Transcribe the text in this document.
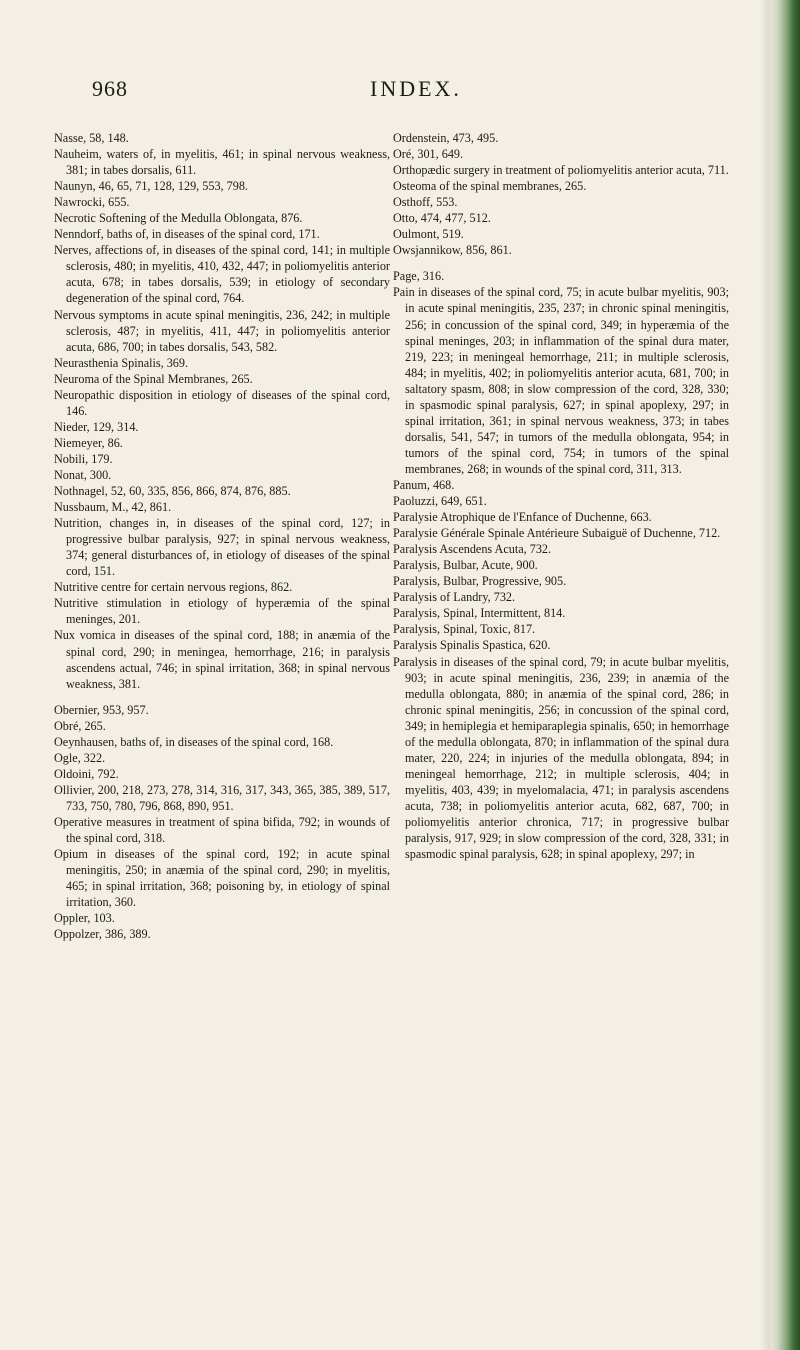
968	INDEX.

Nasse, 58, 148.

Nauheim, waters of, in myelitis, 461; in spinal nervous weakness, 381; in tabes dorsalis, 611.

Naunyn, 46, 65, 71, 128, 129, 553, 798.

Nawrocki, 655.

Necrotic Softening of the Medulla Oblongata, 876.

Nenndorf, baths of, in diseases of the spinal cord, 171.

Nerves, affections of, in diseases of the spinal cord, 141; in multiple sclerosis, 480; in myelitis, 410, 432, 447; in poliomyelitis anterior acuta, 678; in tabes dorsalis, 539; in etiology of secondary degeneration of the spinal cord, 764.

Nervous symptoms in acute spinal meningitis, 236, 242; in multiple sclerosis, 487; in myelitis, 411, 447; in poliomyelitis anterior acuta, 686, 700; in tabes dorsalis, 543, 582.

Neurasthenia Spinalis, 369.

Neuroma of the Spinal Membranes, 265.

Neuropathic disposition in etiology of diseases of the spinal cord, 146.

Nieder, 129, 314.

Niemeyer, 86.

Nobili, 179.

Nonat, 300.

Nothnagel, 52, 60, 335, 856, 866, 874, 876, 885.

Nussbaum, M., 42, 861.

Nutrition, changes in, in diseases of the spinal cord, 127; in progressive bulbar paralysis, 927; in spinal nervous weakness, 374; general disturbances of, in etiology of diseases of the spinal cord, 151.

Nutritive centre for certain nervous regions, 862.

Nutritive stimulation in etiology of hyperæmia of the spinal meninges, 201.

Nux vomica in diseases of the spinal cord, 188; in anæmia of the spinal cord, 290; in meningea, hemorrhage, 216; in paralysis ascendens actual, 746; in spinal irritation, 368; in spinal nervous weakness, 381.

Obernier, 953, 957.

Obré, 265.

Oeynhausen, baths of, in diseases of the spinal cord, 168.

Ogle, 322.

Oldoini, 792.

Ollivier, 200, 218, 273, 278, 314, 316, 317, 343, 365, 385, 389, 517, 733, 750, 780, 796, 868, 890, 951.

Operative measures in treatment of spina bifida, 792; in wounds of the spinal cord, 318.

Opium in diseases of the spinal cord, 192; in acute spinal meningitis, 250; in anæmia of the spinal cord, 290; in myelitis, 465; in spinal irritation, 368; poisoning by, in etiology of spinal irritation, 360.

Oppler, 103.

Oppolzer, 386, 389.

Ordenstein, 473, 495.

Oré, 301, 649.

Orthopædic surgery in treatment of poliomyelitis anterior acuta, 711.

Osteoma of the spinal membranes, 265.

Osthoff, 553.

Otto, 474, 477, 512.

Oulmont, 519.

Owsjannikow, 856, 861.

Page, 316.

Pain in diseases of the spinal cord, 75; in acute bulbar myelitis, 903; in acute spinal meningitis, 235, 237; in chronic spinal meningitis, 256; in concussion of the spinal cord, 349; in hyperæmia of the spinal meninges, 203; in inflammation of the spinal dura mater, 219, 223; in meningeal hemorrhage, 211; in multiple sclerosis, 484; in myelitis, 402; in poliomyelitis anterior acuta, 681, 700; in saltatory spasm, 808; in slow compression of the cord, 328, 330; in spasmodic spinal paralysis, 627; in spinal apoplexy, 297; in spinal irritation, 361; in spinal nervous weakness, 373; in tabes dorsalis, 541, 547; in tumors of the medulla oblongata, 954; in tumors of the spinal cord, 754; in tumors of the spinal membranes, 268; in wounds of the spinal cord, 311, 313.

Panum, 468.

Paoluzzi, 649, 651.

Paralysie Atrophique de l'Enfance of Duchenne, 663.

Paralysie Générale Spinale Antérieure Subaiguë of Duchenne, 712.

Paralysis Ascendens Acuta, 732.

Paralysis, Bulbar, Acute, 900.

Paralysis, Bulbar, Progressive, 905.

Paralysis of Landry, 732.

Paralysis, Spinal, Intermittent, 814.

Paralysis, Spinal, Toxic, 817.

Paralysis Spinalis Spastica, 620.

Paralysis in diseases of the spinal cord, 79; in acute bulbar myelitis, 903; in acute spinal meningitis, 236, 239; in anæmia of the medulla oblongata, 880; in anæmia of the spinal cord, 286; in chronic spinal meningitis, 256; in concussion of the spinal cord, 349; in hemiplegia et hemiparaplegia spinalis, 650; in hemorrhage of the medulla oblongata, 870; in inflammation of the spinal dura mater, 220, 224; in injuries of the medulla oblongata, 894; in meningeal hemorrhage, 212; in multiple sclerosis, 404; in myelitis, 403, 439; in myelomalacia, 471; in paralysis ascendens acuta, 738; in poliomyelitis anterior acuta, 682, 687, 700; in poliomyelitis anterior chronica, 717; in progressive bulbar paralysis, 917, 929; in slow compression of the cord, 328, 331; in spasmodic spinal paralysis, 628; in spinal apoplexy, 297; in
